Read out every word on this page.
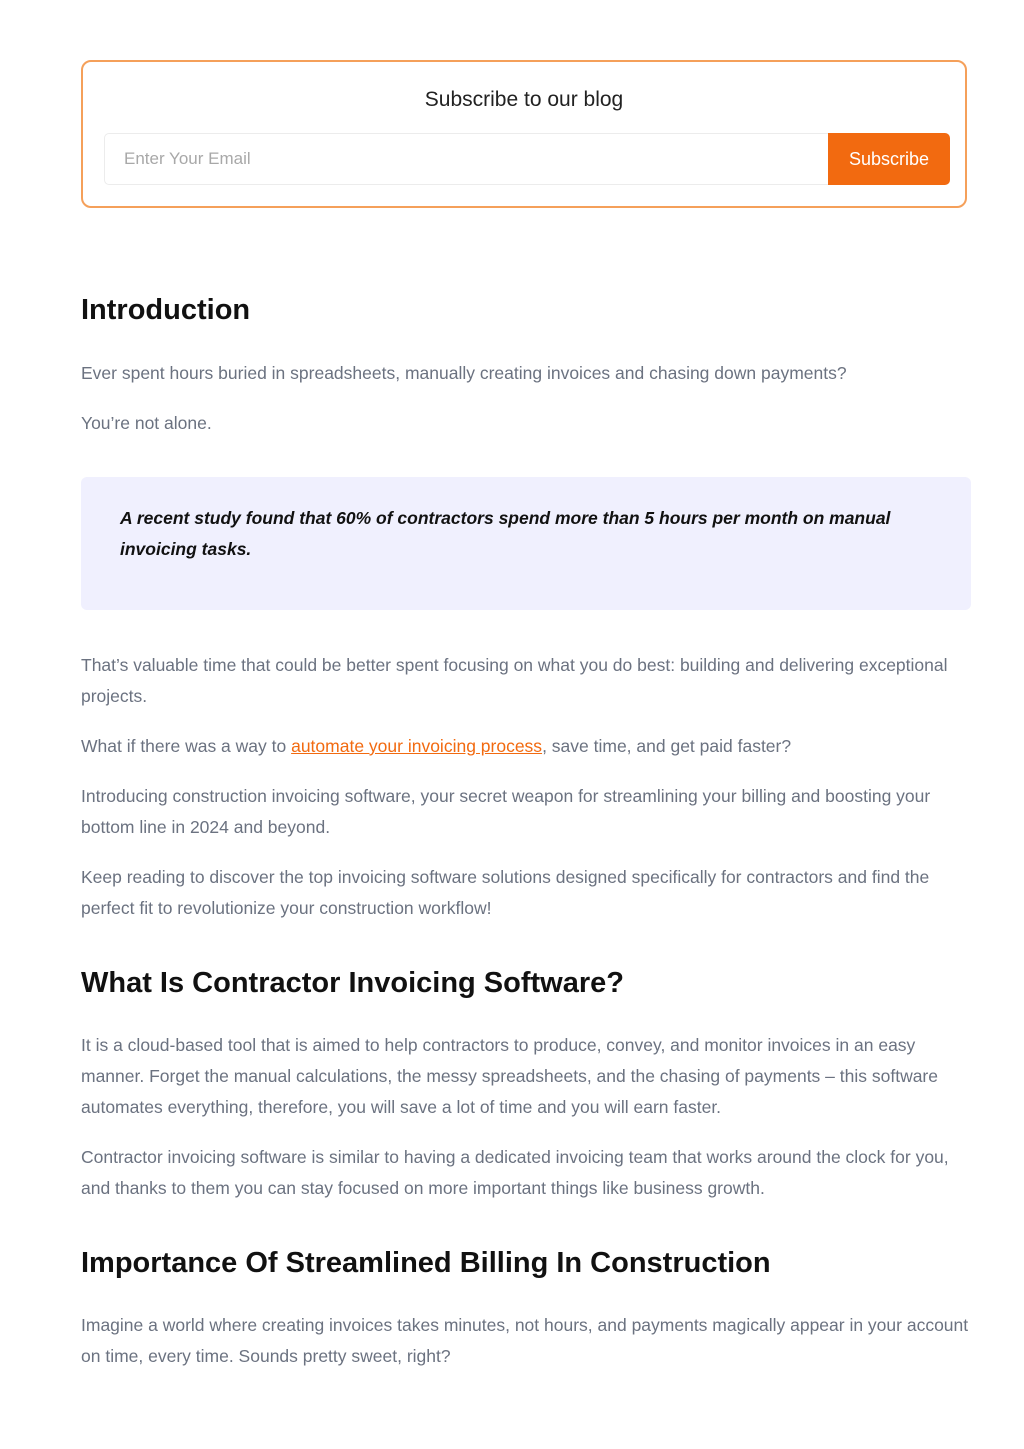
Subscribe to our blog
Enter Your Email
Subscribe
Introduction

Ever spent hours buried in spreadsheets, manually creating invoices and chasing down payments?

You’re not alone.

A recent study found that 60% of contractors spend more than 5 hours per month on manual invoicing tasks.

That’s valuable time that could be better spent focusing on what you do best: building and delivering exceptional projects.

What if there was a way to automate your invoicing process, save time, and get paid faster?

Introducing construction invoicing software, your secret weapon for streamlining your billing and boosting your bottom line in 2024 and beyond.

Keep reading to discover the top invoicing software solutions designed specifically for contractors and find the perfect fit to revolutionize your construction workflow!

What Is Contractor Invoicing Software?

It is a cloud-based tool that is aimed to help contractors to produce, convey, and monitor invoices in an easy manner. Forget the manual calculations, the messy spreadsheets, and the chasing of payments – this software automates everything, therefore, you will save a lot of time and you will earn faster.

Contractor invoicing software is similar to having a dedicated invoicing team that works around the clock for you, and thanks to them you can stay focused on more important things like business growth.

Importance Of Streamlined Billing In Construction

Imagine a world where creating invoices takes minutes, not hours, and payments magically appear in your account on time, every time. Sounds pretty sweet, right?
